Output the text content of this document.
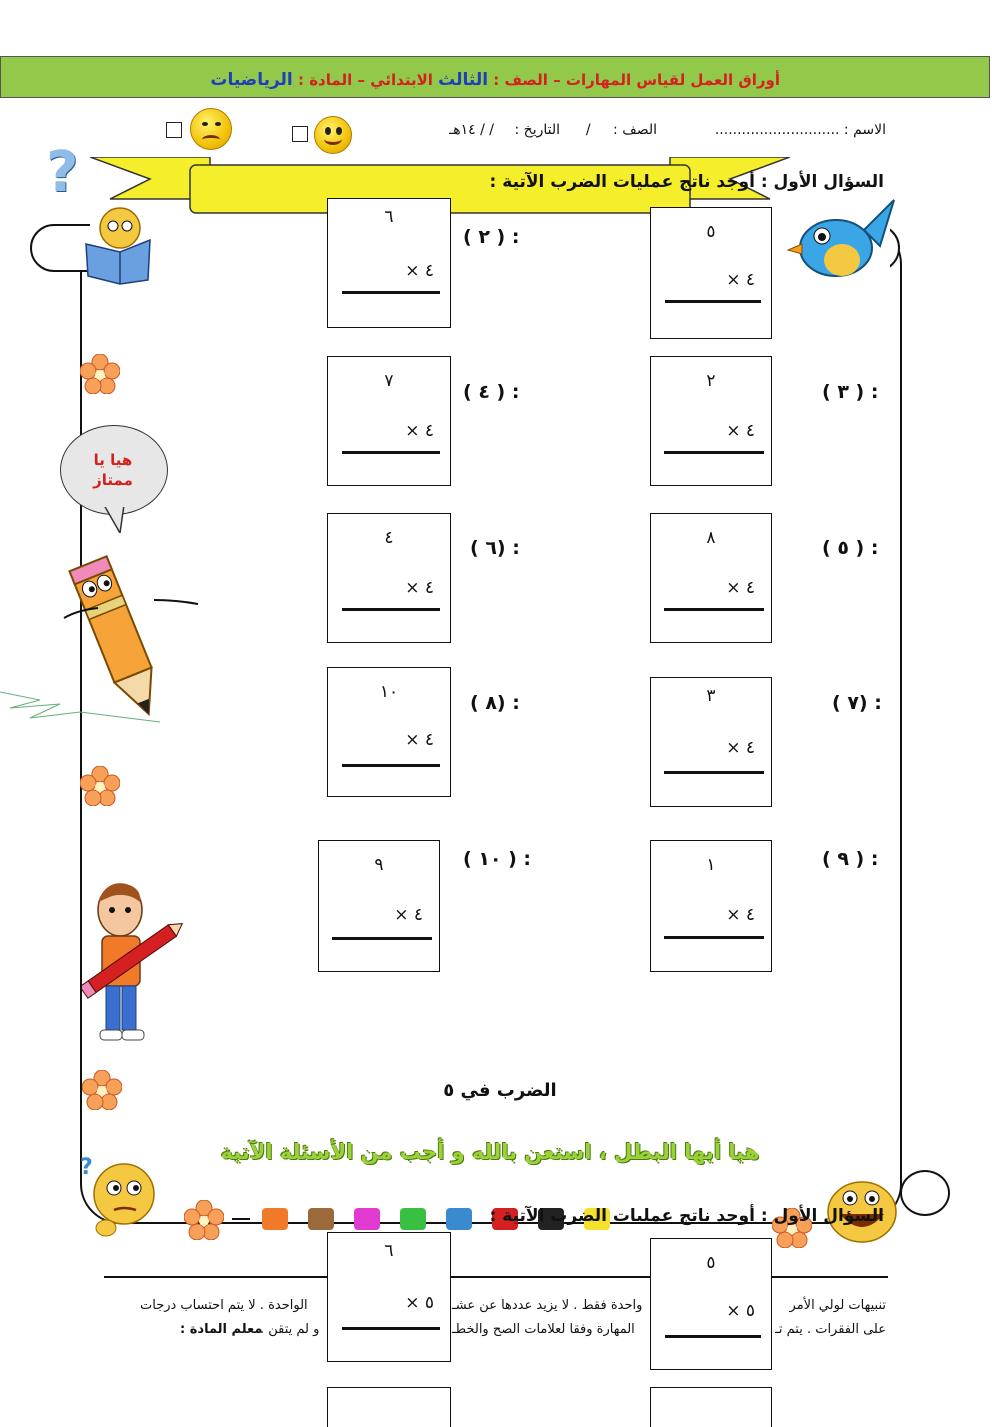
أوراق العمل لقياس المهارات – الصف : الثالث الابتدائي – المادة : الرياضيات
الاسم : ............................
الصف : /
التاريخ : / / ١٤هـ
?	السؤال الأول : أوجد ناتج عمليات الضرب الآتية :
٥
٤ ×
٦
٤ ×
: ( ٢ )
: ( ٣ )
٢
٤ ×
: ( ٤ )
٧
٤ ×
: ( ٥ )
٨
٤ ×
: (٦ )
٤
٤ ×
: (٧ )
٣
٤ ×
: (٨ )
١٠
٤ ×
: ( ٩ )
١
٤ ×
: ( ١٠ )
٩
٤ ×
هيا يا
ممتاز
الضرب في ٥
هيا أيها البطل ، استعن بالله و أجب من الأسئلة الآتية
?
السؤال الأول : أوجد ناتج عمليات الضرب الآتية :
تنبيهات لولي الأمر
واحدة فقط . لا يزيد عددها عن عشـ
الواحدة . لا يتم احتساب درجات
على الفقرات . يتم تـ
المهارة وفقا لعلامات الصح والخطـ
و لم يتقن .
معلم المادة :
٥
٥ ×
٦
٥ ×
